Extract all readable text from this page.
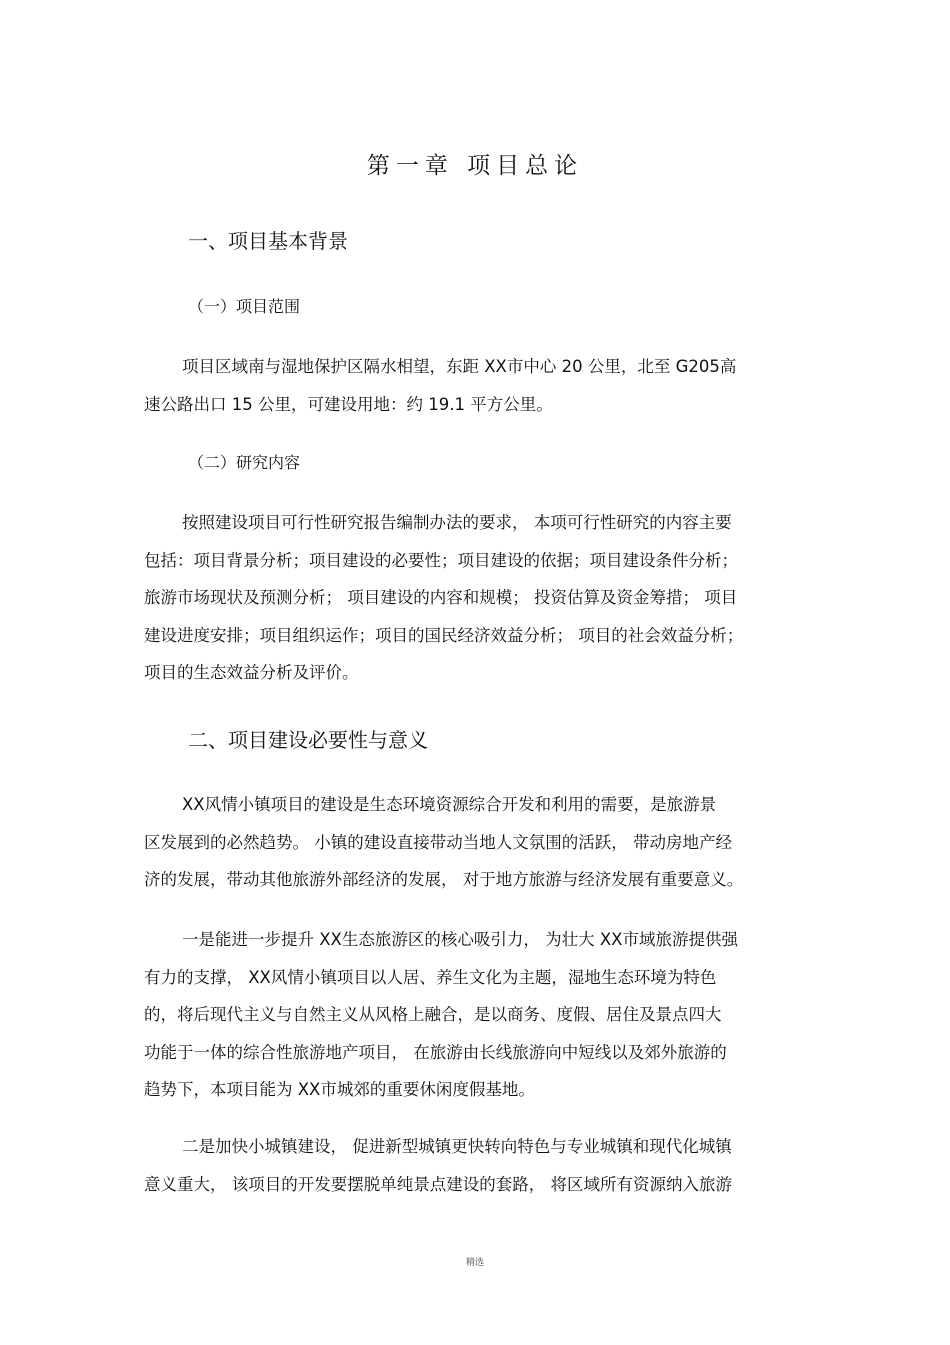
第一章 项目总论
一、项目基本背景
（一）项目范围
项目区域南与湿地保护区隔水相望，东距 XX市中心 20 公里，北至 G205高
速公路出口 15 公里，可建设用地：约 19.1 平方公里。
（二）研究内容
按照建设项目可行性研究报告编制办法的要求， 本项可行性研究的内容主要
包括：项目背景分析；项目建设的必要性；项目建设的依据；项目建设条件分析；
旅游市场现状及预测分析； 项目建设的内容和规模； 投资估算及资金筹措； 项目
建设进度安排；项目组织运作；项目的国民经济效益分析； 项目的社会效益分析；
项目的生态效益分析及评价。
二、项目建设必要性与意义
XX风情小镇项目的建设是生态环境资源综合开发和利用的需要，是旅游景
区发展到的必然趋势。 小镇的建设直接带动当地人文氛围的活跃， 带动房地产经
济的发展，带动其他旅游外部经济的发展， 对于地方旅游与经济发展有重要意义。
一是能进一步提升 XX生态旅游区的核心吸引力， 为壮大 XX市域旅游提供强
有力的支撑， XX风情小镇项目以人居、养生文化为主题，湿地生态环境为特色
的，将后现代主义与自然主义从风格上融合，是以商务、度假、居住及景点四大
功能于一体的综合性旅游地产项目， 在旅游由长线旅游向中短线以及郊外旅游的
趋势下，本项目能为 XX市城郊的重要休闲度假基地。
二是加快小城镇建设， 促进新型城镇更快转向特色与专业城镇和现代化城镇
意义重大， 该项目的开发要摆脱单纯景点建设的套路， 将区域所有资源纳入旅游
精选
